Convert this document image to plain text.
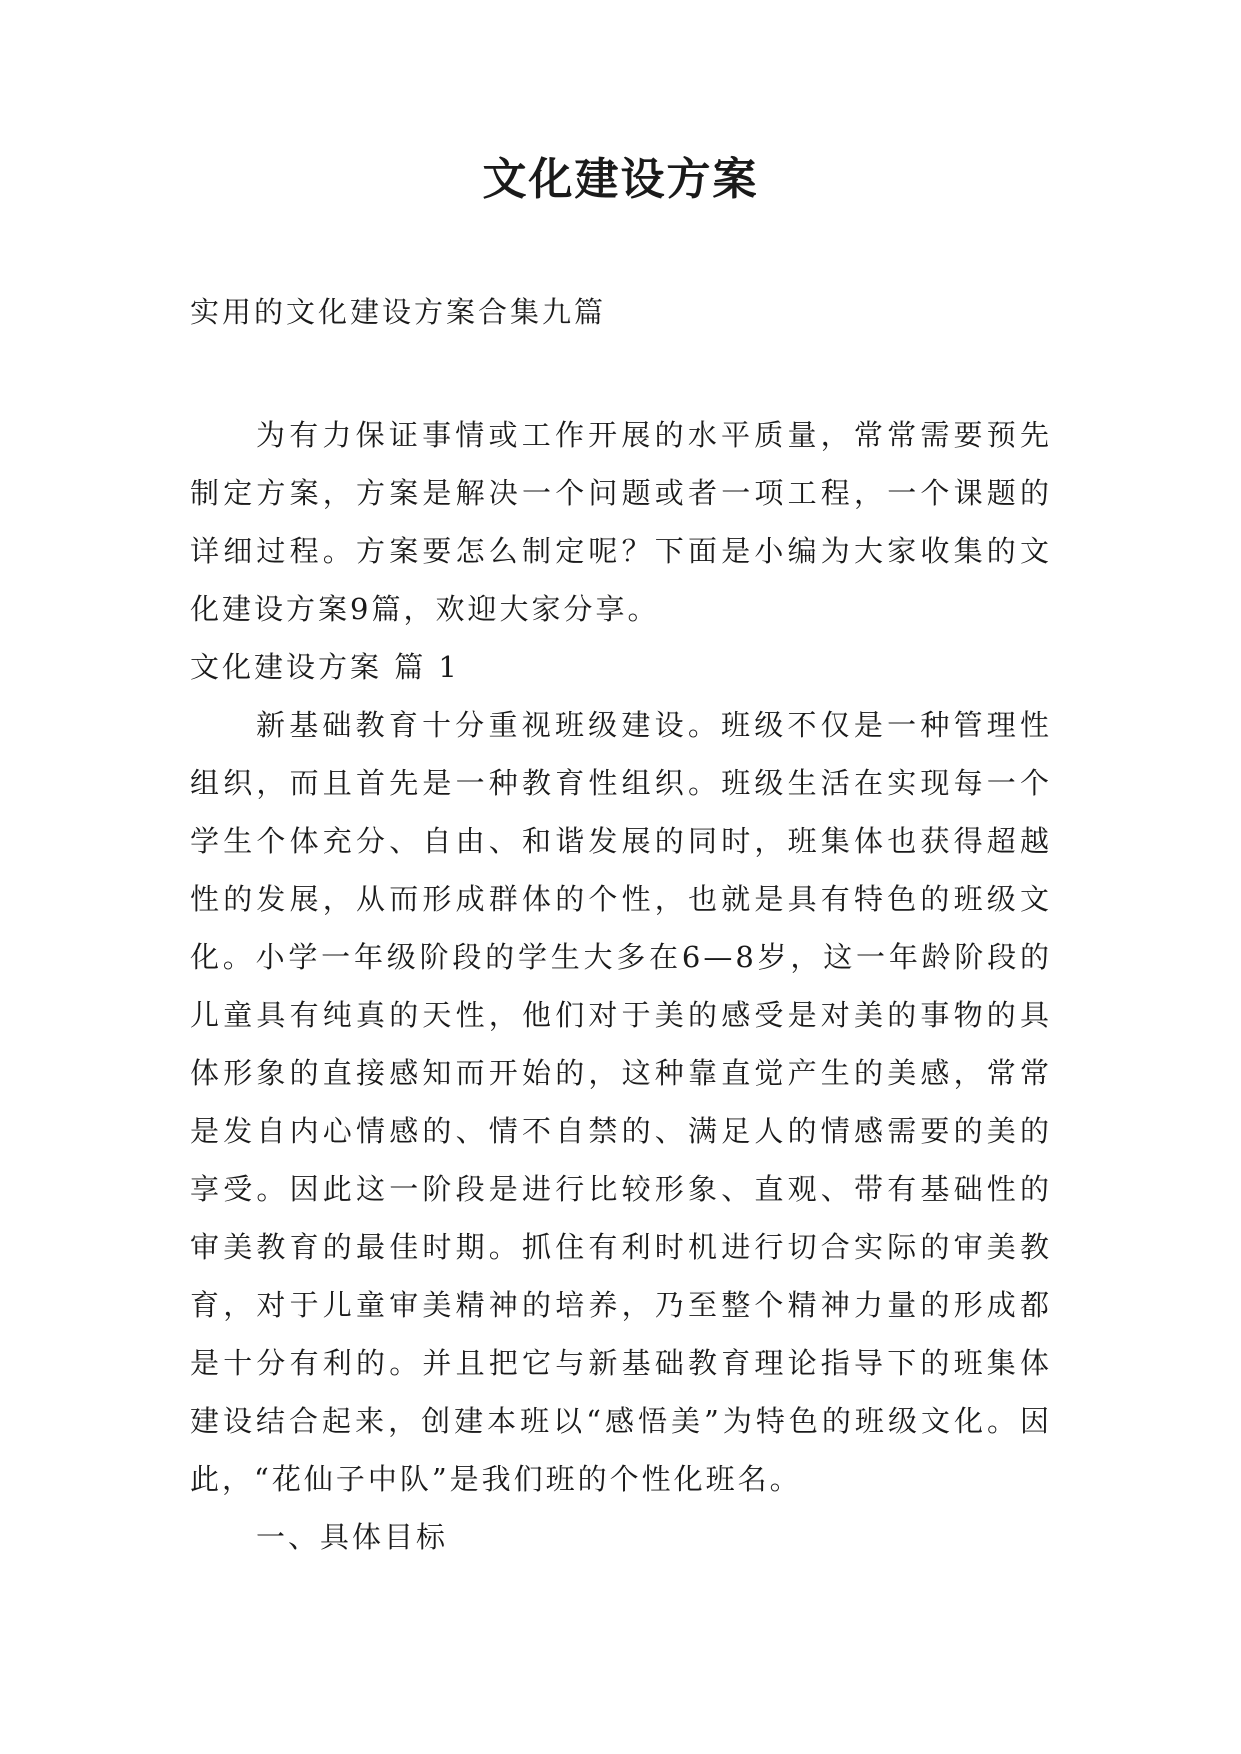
文化建设方案

实用的文化建设方案合集九篇

为有力保证事情或工作开展的水平质量，常常需要预先制定方案，方案是解决一个问题或者一项工程，一个课题的详细过程。方案要怎么制定呢？下面是小编为大家收集的文化建设方案9篇，欢迎大家分享。

文化建设方案 篇 1

新基础教育十分重视班级建设。班级不仅是一种管理性组织，而且首先是一种教育性组织。班级生活在实现每一个学生个体充分、自由、和谐发展的同时，班集体也获得超越性的发展，从而形成群体的个性，也就是具有特色的班级文化。小学一年级阶段的学生大多在6—8岁，这一年龄阶段的儿童具有纯真的天性，他们对于美的感受是对美的事物的具体形象的直接感知而开始的，这种靠直觉产生的美感，常常是发自内心情感的、情不自禁的、满足人的情感需要的美的享受。因此这一阶段是进行比较形象、直观、带有基础性的审美教育的最佳时期。抓住有利时机进行切合实际的审美教育，对于儿童审美精神的培养，乃至整个精神力量的形成都是十分有利的。并且把它与新基础教育理论指导下的班集体建设结合起来，创建本班以“感悟美”为特色的班级文化。因此，“花仙子中队”是我们班的个性化班名。

一、具体目标
